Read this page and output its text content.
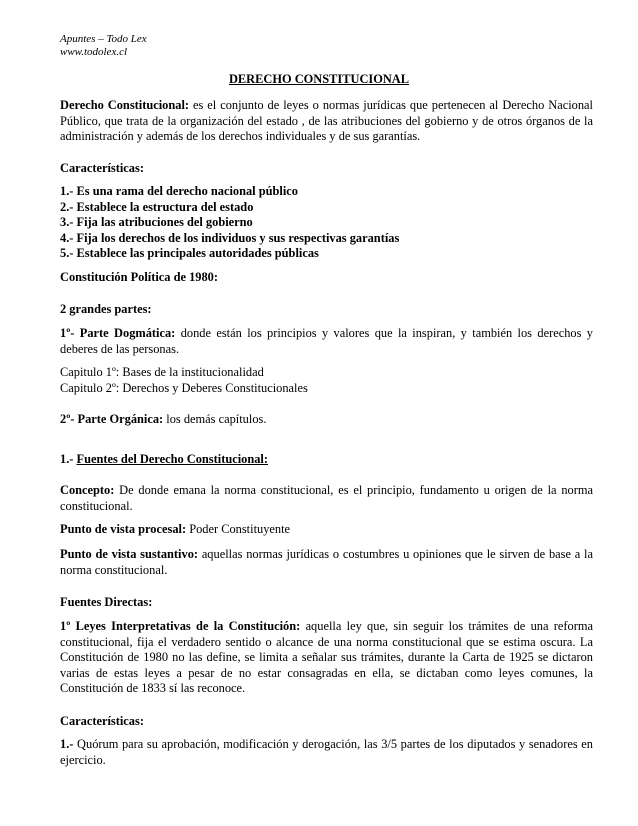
Apuntes – Todo Lex
www.todolex.cl
DERECHO CONSTITUCIONAL
Derecho Constitucional: es el conjunto de leyes o normas jurídicas que pertenecen al Derecho Nacional Público, que trata de la organización del estado , de las atribuciones del gobierno y de otros órganos de la administración y además de los derechos individuales y de sus garantías.
Características:
1.- Es una rama del derecho nacional público
2.- Establece la estructura del estado
3.- Fija las atribuciones del gobierno
4.- Fija los derechos de los individuos y sus respectivas garantías
5.- Establece las principales autoridades públicas
Constitución Política de 1980:
2 grandes partes:
1º- Parte Dogmática: donde están los principios y valores que la inspiran, y también los derechos y deberes de las personas.
Capitulo 1º: Bases de la institucionalidad
Capitulo 2º: Derechos y Deberes Constitucionales
2º- Parte Orgánica: los demás capítulos.
1.- Fuentes del Derecho Constitucional:
Concepto: De donde emana la norma constitucional, es el principio, fundamento u origen de la norma constitucional.
Punto de vista procesal: Poder Constituyente
Punto de vista sustantivo: aquellas normas jurídicas o costumbres u opiniones que le sirven de base a la norma constitucional.
Fuentes Directas:
1º Leyes Interpretativas de la Constitución: aquella ley que, sin seguir los trámites de una reforma constitucional, fija el verdadero sentido o alcance de una norma constitucional que se estima oscura. La Constitución de 1980 no las define, se limita a señalar sus trámites, durante la Carta de 1925 se dictaron varias de estas leyes a pesar de no estar consagradas en ella, se dictaban como leyes comunes, la Constitución de 1833 sí las reconoce.
Características:
1.- Quórum para su aprobación, modificación y derogación, las 3/5 partes de los diputados y senadores en ejercicio.
